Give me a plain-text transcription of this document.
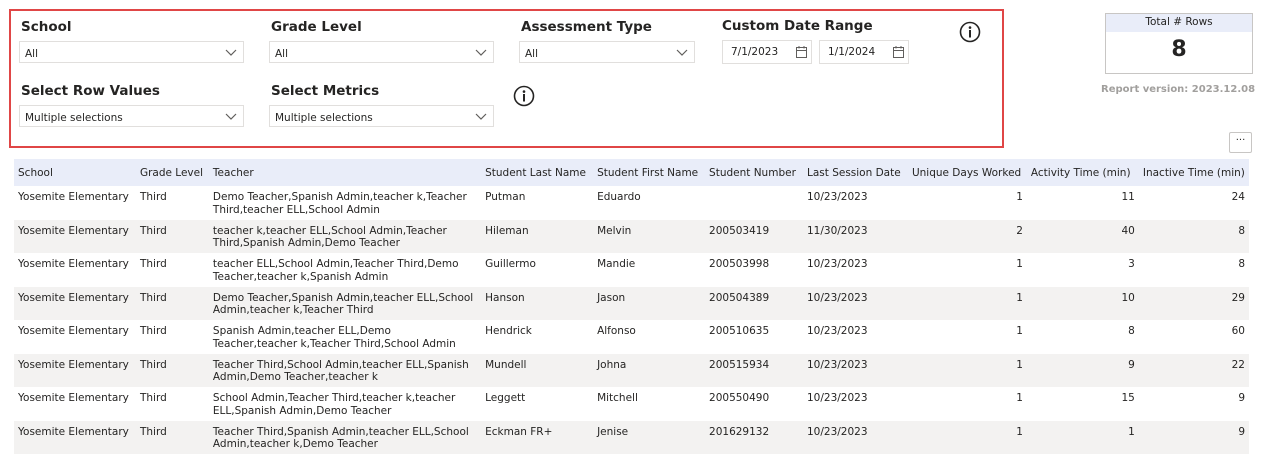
School
All
Grade Level
All
Assessment Type
All
Custom Date Range
7/1/2023	1/1/2024
Select Row Values
Multiple selections
Select Metrics
Multiple selections
Total # Rows
8
Report version: 2023.12.08
···
School	Grade Level	Teacher	Student Last Name	Student First Name	Student Number	Last Session Date	Unique Days Worked	Activity Time (min)	Inactive Time (min)
Yosemite Elementary	Third	Demo Teacher,Spanish Admin,teacher k,Teacher Third,teacher ELL,School Admin	Putman	Eduardo		10/23/2023	1	11	24
Yosemite Elementary	Third	teacher k,teacher ELL,School Admin,Teacher Third,Spanish Admin,Demo Teacher	Hileman	Melvin	200503419	11/30/2023	2	40	8
Yosemite Elementary	Third	teacher ELL,School Admin,Teacher Third,Demo Teacher,teacher k,Spanish Admin	Guillermo	Mandie	200503998	10/23/2023	1	3	8
Yosemite Elementary	Third	Demo Teacher,Spanish Admin,teacher ELL,School Admin,teacher k,Teacher Third	Hanson	Jason	200504389	10/23/2023	1	10	29
Yosemite Elementary	Third	Spanish Admin,teacher ELL,Demo Teacher,teacher k,Teacher Third,School Admin	Hendrick	Alfonso	200510635	10/23/2023	1	8	60
Yosemite Elementary	Third	Teacher Third,School Admin,teacher ELL,Spanish Admin,Demo Teacher,teacher k	Mundell	Johna	200515934	10/23/2023	1	9	22
Yosemite Elementary	Third	School Admin,Teacher Third,teacher k,teacher ELL,Spanish Admin,Demo Teacher	Leggett	Mitchell	200550490	10/23/2023	1	15	9
Yosemite Elementary	Third	Teacher Third,Spanish Admin,teacher ELL,School Admin,teacher k,Demo Teacher	Eckman FR+	Jenise	201629132	10/23/2023	1	1	9
